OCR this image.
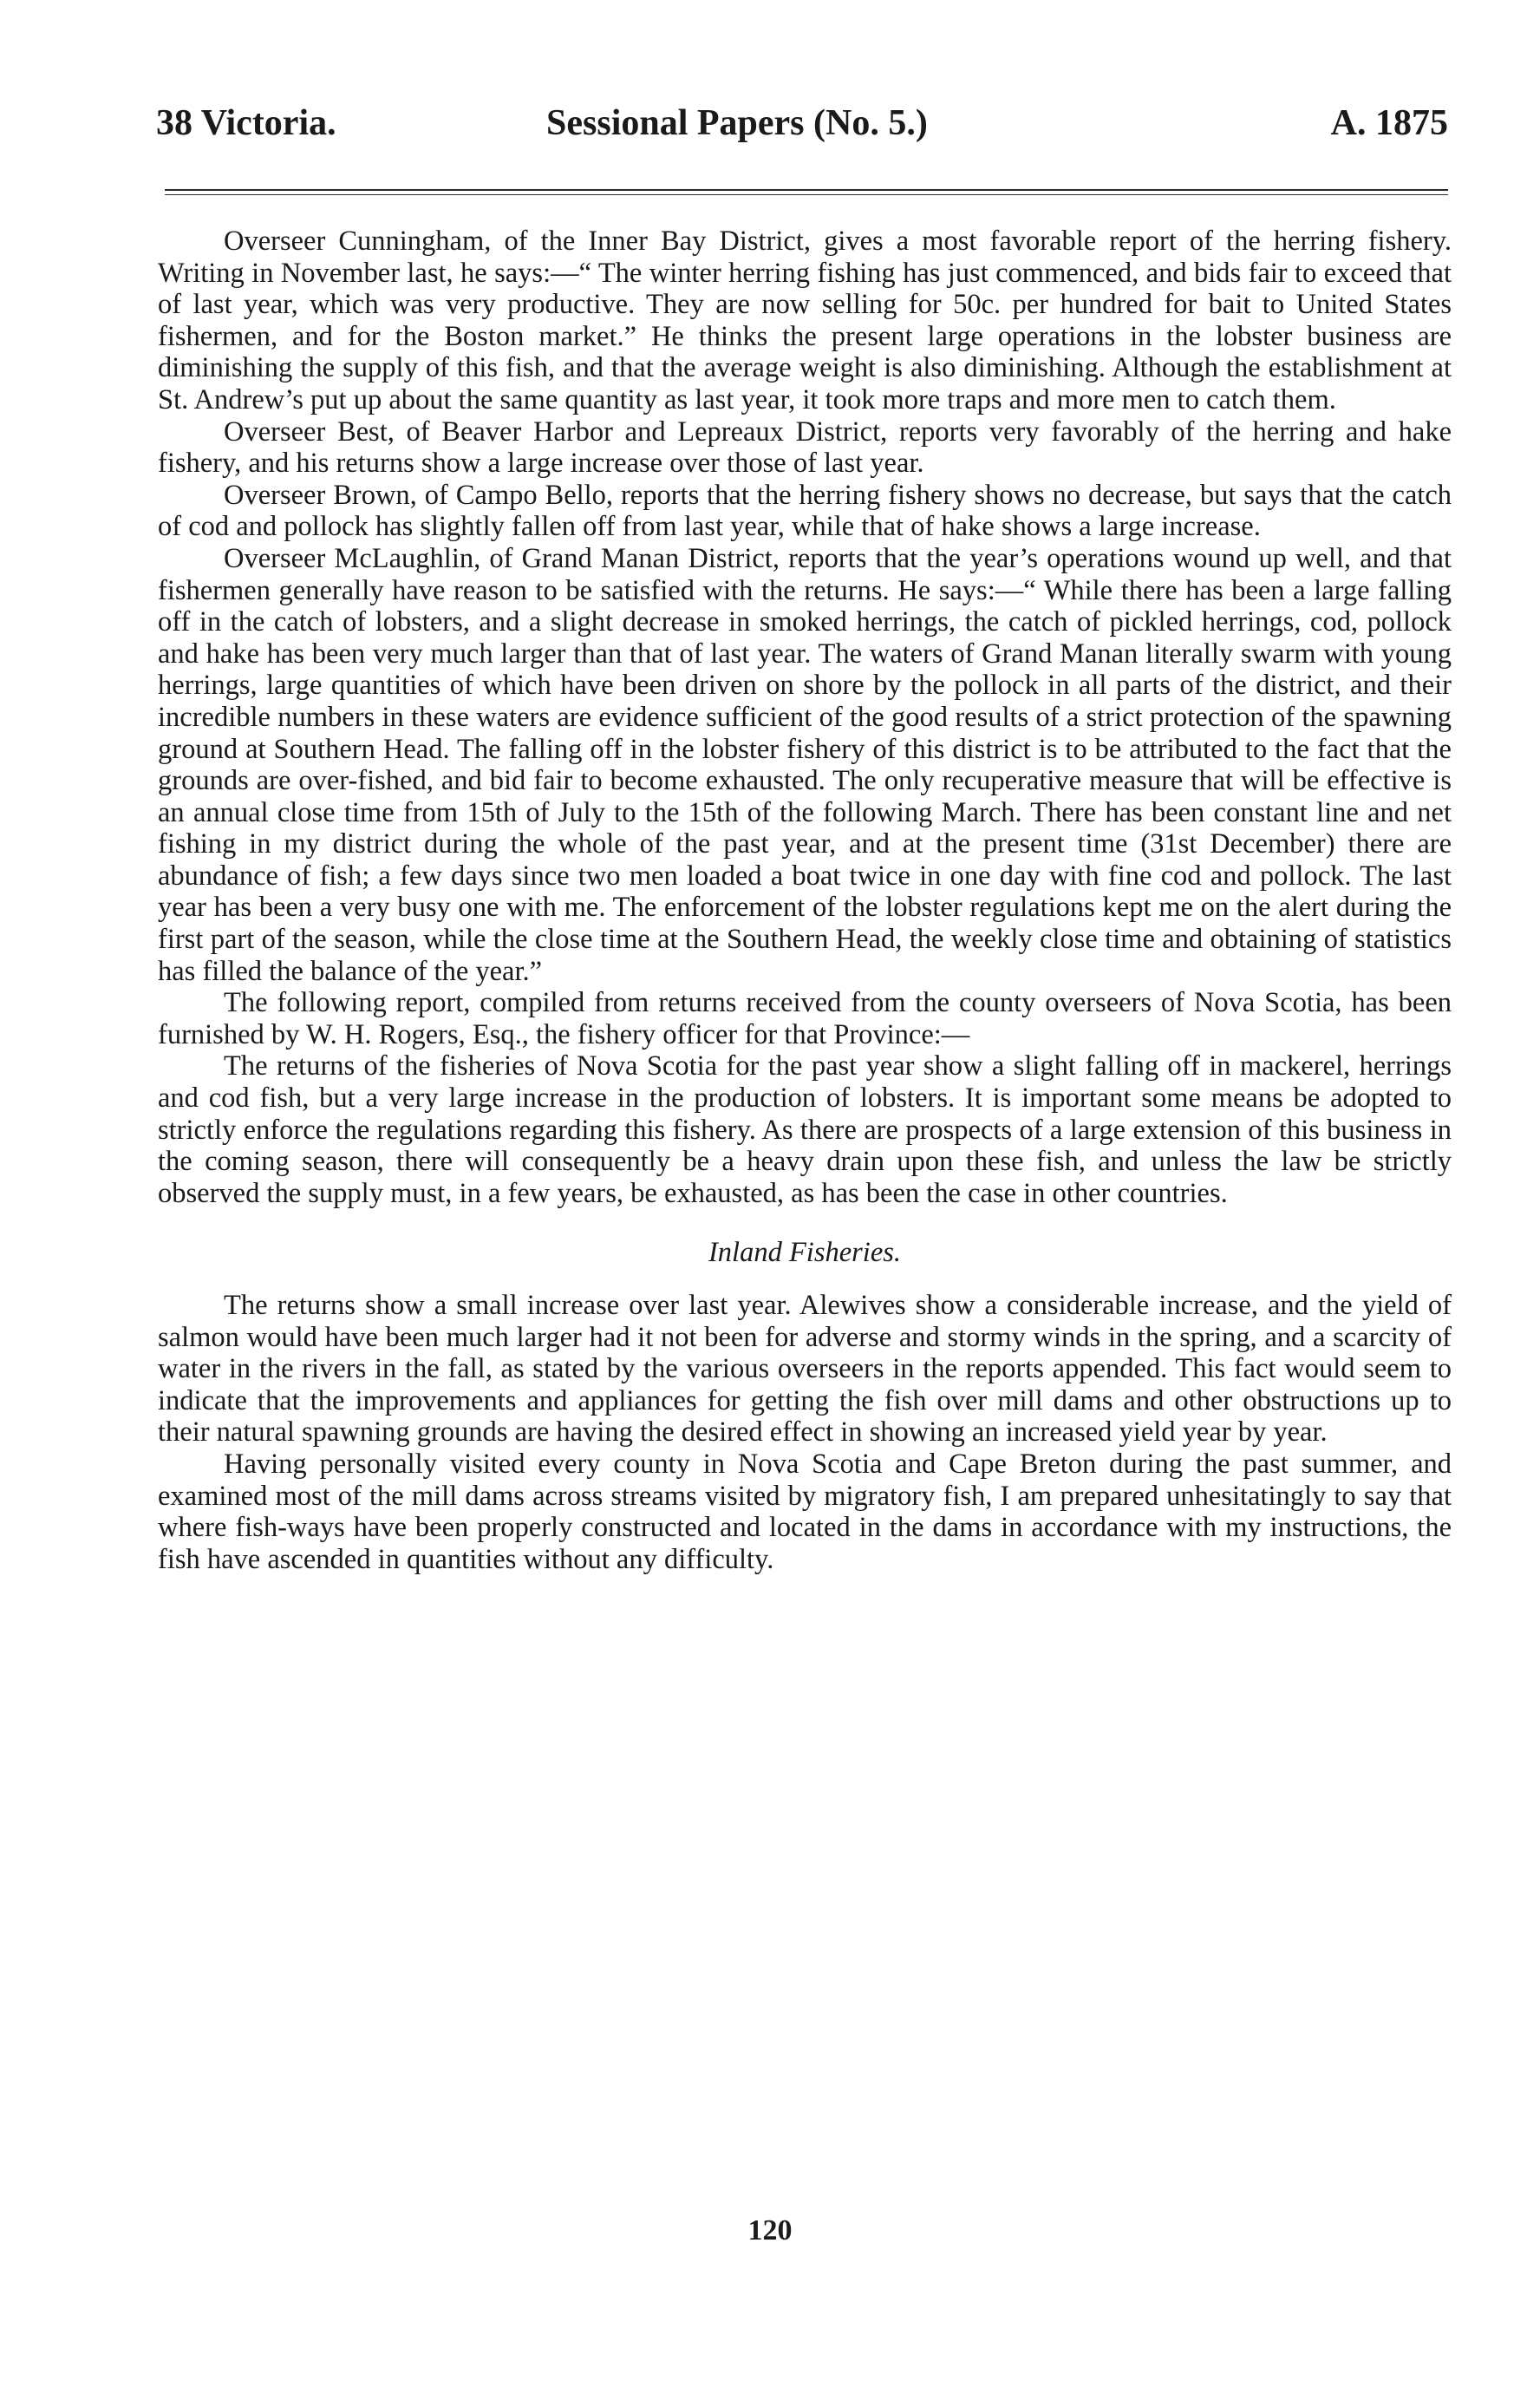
38 Victoria.	Sessional Papers (No. 5.)	A. 1875

Overseer Cunningham, of the Inner Bay District, gives a most favorable report of the herring fishery. Writing in November last, he says:—“ The winter herring fishing has just commenced, and bids fair to exceed that of last year, which was very productive. They are now selling for 50c. per hundred for bait to United States fishermen, and for the Boston market.” He thinks the present large operations in the lobster business are diminishing the supply of this fish, and that the average weight is also diminishing. Although the establishment at St. Andrew’s put up about the same quantity as last year, it took more traps and more men to catch them.

Overseer Best, of Beaver Harbor and Lepreaux District, reports very favorably of the herring and hake fishery, and his returns show a large increase over those of last year.

Overseer Brown, of Campo Bello, reports that the herring fishery shows no decrease, but says that the catch of cod and pollock has slightly fallen off from last year, while that of hake shows a large increase.

Overseer McLaughlin, of Grand Manan District, reports that the year’s operations wound up well, and that fishermen generally have reason to be satisfied with the returns. He says:—“ While there has been a large falling off in the catch of lobsters, and a slight decrease in smoked herrings, the catch of pickled herrings, cod, pollock and hake has been very much larger than that of last year. The waters of Grand Manan literally swarm with young herrings, large quantities of which have been driven on shore by the pollock in all parts of the district, and their incredible numbers in these waters are evidence sufficient of the good results of a strict protection of the spawning ground at Southern Head. The falling off in the lobster fishery of this district is to be attributed to the fact that the grounds are over-fished, and bid fair to become exhausted. The only recuperative measure that will be effective is an annual close time from 15th of July to the 15th of the following March. There has been constant line and net fishing in my district during the whole of the past year, and at the present time (31st December) there are abundance of fish; a few days since two men loaded a boat twice in one day with fine cod and pollock. The last year has been a very busy one with me. The enforcement of the lobster regulations kept me on the alert during the first part of the season, while the close time at the Southern Head, the weekly close time and obtaining of statistics has filled the balance of the year.”

The following report, compiled from returns received from the county overseers of Nova Scotia, has been furnished by W. H. Rogers, Esq., the fishery officer for that Province:—

The returns of the fisheries of Nova Scotia for the past year show a slight falling off in mackerel, herrings and cod fish, but a very large increase in the production of lobsters. It is important some means be adopted to strictly enforce the regulations regarding this fishery. As there are prospects of a large extension of this business in the coming season, there will consequently be a heavy drain upon these fish, and unless the law be strictly observed the supply must, in a few years, be exhausted, as has been the case in other countries.

Inland Fisheries.

The returns show a small increase over last year. Alewives show a considerable increase, and the yield of salmon would have been much larger had it not been for adverse and stormy winds in the spring, and a scarcity of water in the rivers in the fall, as stated by the various overseers in the reports appended. This fact would seem to indicate that the improvements and appliances for getting the fish over mill dams and other obstructions up to their natural spawning grounds are having the desired effect in showing an increased yield year by year.

Having personally visited every county in Nova Scotia and Cape Breton during the past summer, and examined most of the mill dams across streams visited by migratory fish, I am prepared unhesitatingly to say that where fish-ways have been properly constructed and located in the dams in accordance with my instructions, the fish have ascended in quantities without any difficulty.

120
